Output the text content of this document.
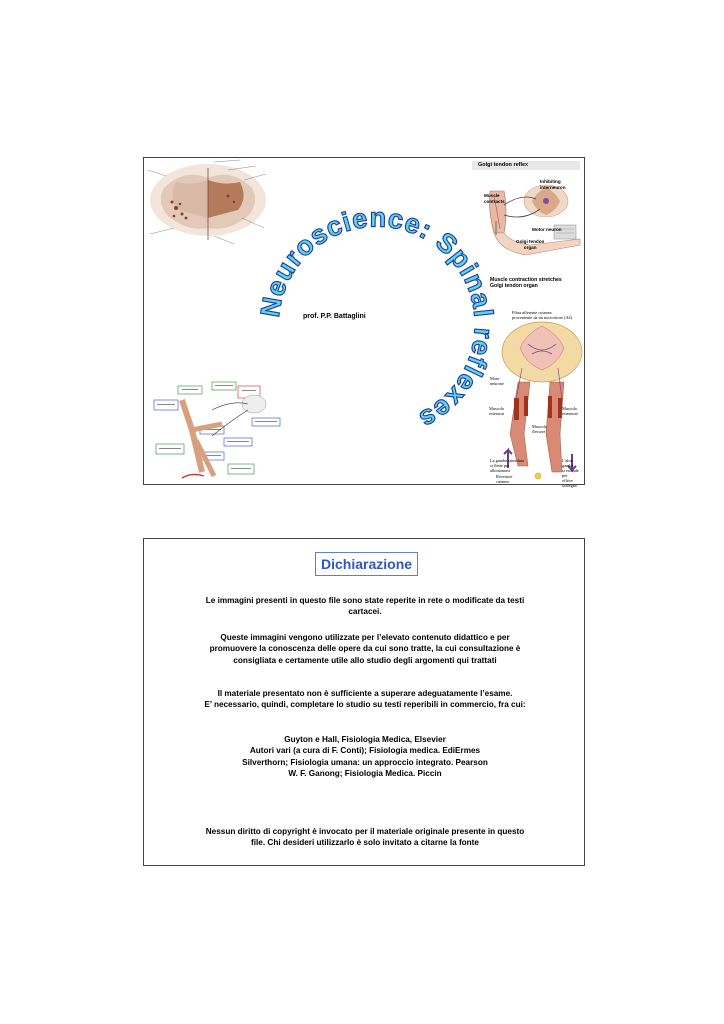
Golgi tendon reflex
Inhibiting
interneuron
Muscle
contracts
Motor neuron
Golgi tendon
organ
Muscle contraction stretches
Golgi tendon organ
Neuroscience: Spinal reflexes
prof. P.P. Battaglini
Fibra afferente cutanea
proveniente da un nocicettore (Aδ)
Moto-
neurone
Muscolo
estensori
Muscolo
estensore
Muscolo
flessore
La gamba stimolata
si flette per
allontanarsi
L'altra gamba
si estende per
offrire
sostegno
Recettore
cutaneo
Dichiarazione
Le immagini presenti in questo file sono state reperite in rete o modificate da testi
cartacei.
Queste immagini vengono utilizzate per l’elevato contenuto didattico e per
promuovere la conoscenza delle opere da cui sono tratte, la cui consultazione è
consigliata e certamente utile allo studio degli argomenti qui trattati
Il materiale presentato non è sufficiente a superare adeguatamente l’esame.
E’ necessario, quindi, completare lo studio su testi reperibili in commercio, fra cui:
Guyton e Hall, Fisiologia Medica, Elsevier
Autori vari (a cura di F. Conti); Fisiologia medica. EdiErmes
Silverthorn; Fisiologia umana: un approccio integrato. Pearson
W. F. Ganong; Fisiologia Medica. Piccin
Nessun diritto di copyright è invocato per il materiale originale presente in questo
file. Chi desideri utilizzarlo è solo invitato a citarne la fonte
